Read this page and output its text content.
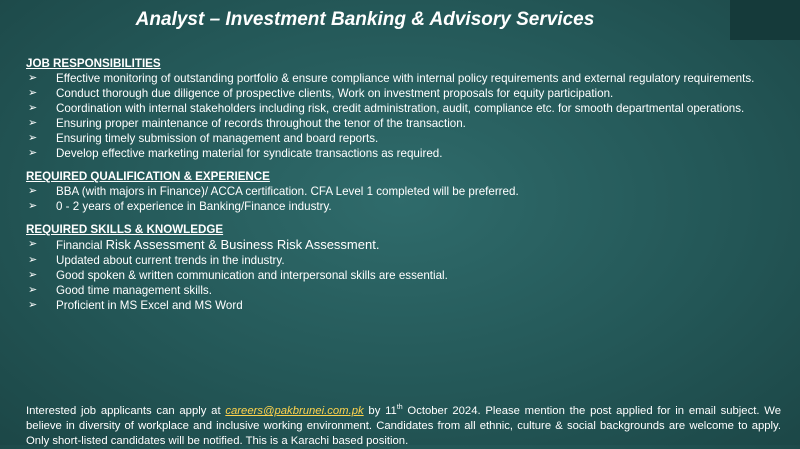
Analyst – Investment Banking & Advisory Services

JOB RESPONSIBILITIES

➢ Effective monitoring of outstanding portfolio & ensure compliance with internal policy requirements and external regulatory requirements.
➢ Conduct thorough due diligence of prospective clients, Work on investment proposals for equity participation.
➢ Coordination with internal stakeholders including risk, credit administration, audit, compliance etc. for smooth departmental operations.
➢ Ensuring proper maintenance of records throughout the tenor of the transaction.
➢ Ensuring timely submission of management and board reports.
➢ Develop effective marketing material for syndicate transactions as required.

REQUIRED QUALIFICATION & EXPERIENCE

➢ BBA (with majors in Finance)/ ACCA certification. CFA Level 1 completed will be preferred.
➢ 0 - 2 years of experience in Banking/Finance industry.

REQUIRED SKILLS & KNOWLEDGE

➢ Financial Risk Assessment & Business Risk Assessment.
➢ Updated about current trends in the industry.
➢ Good spoken & written communication and interpersonal skills are essential.
➢ Good time management skills.
➢ Proficient in MS Excel and MS Word

Interested job applicants can apply at careers@pakbrunei.com.pk by 11th October 2024. Please mention the post applied for in email subject. We believe in diversity of workplace and inclusive working environment. Candidates from all ethnic, culture & social backgrounds are welcome to apply. Only short-listed candidates will be notified. This is a Karachi based position.
